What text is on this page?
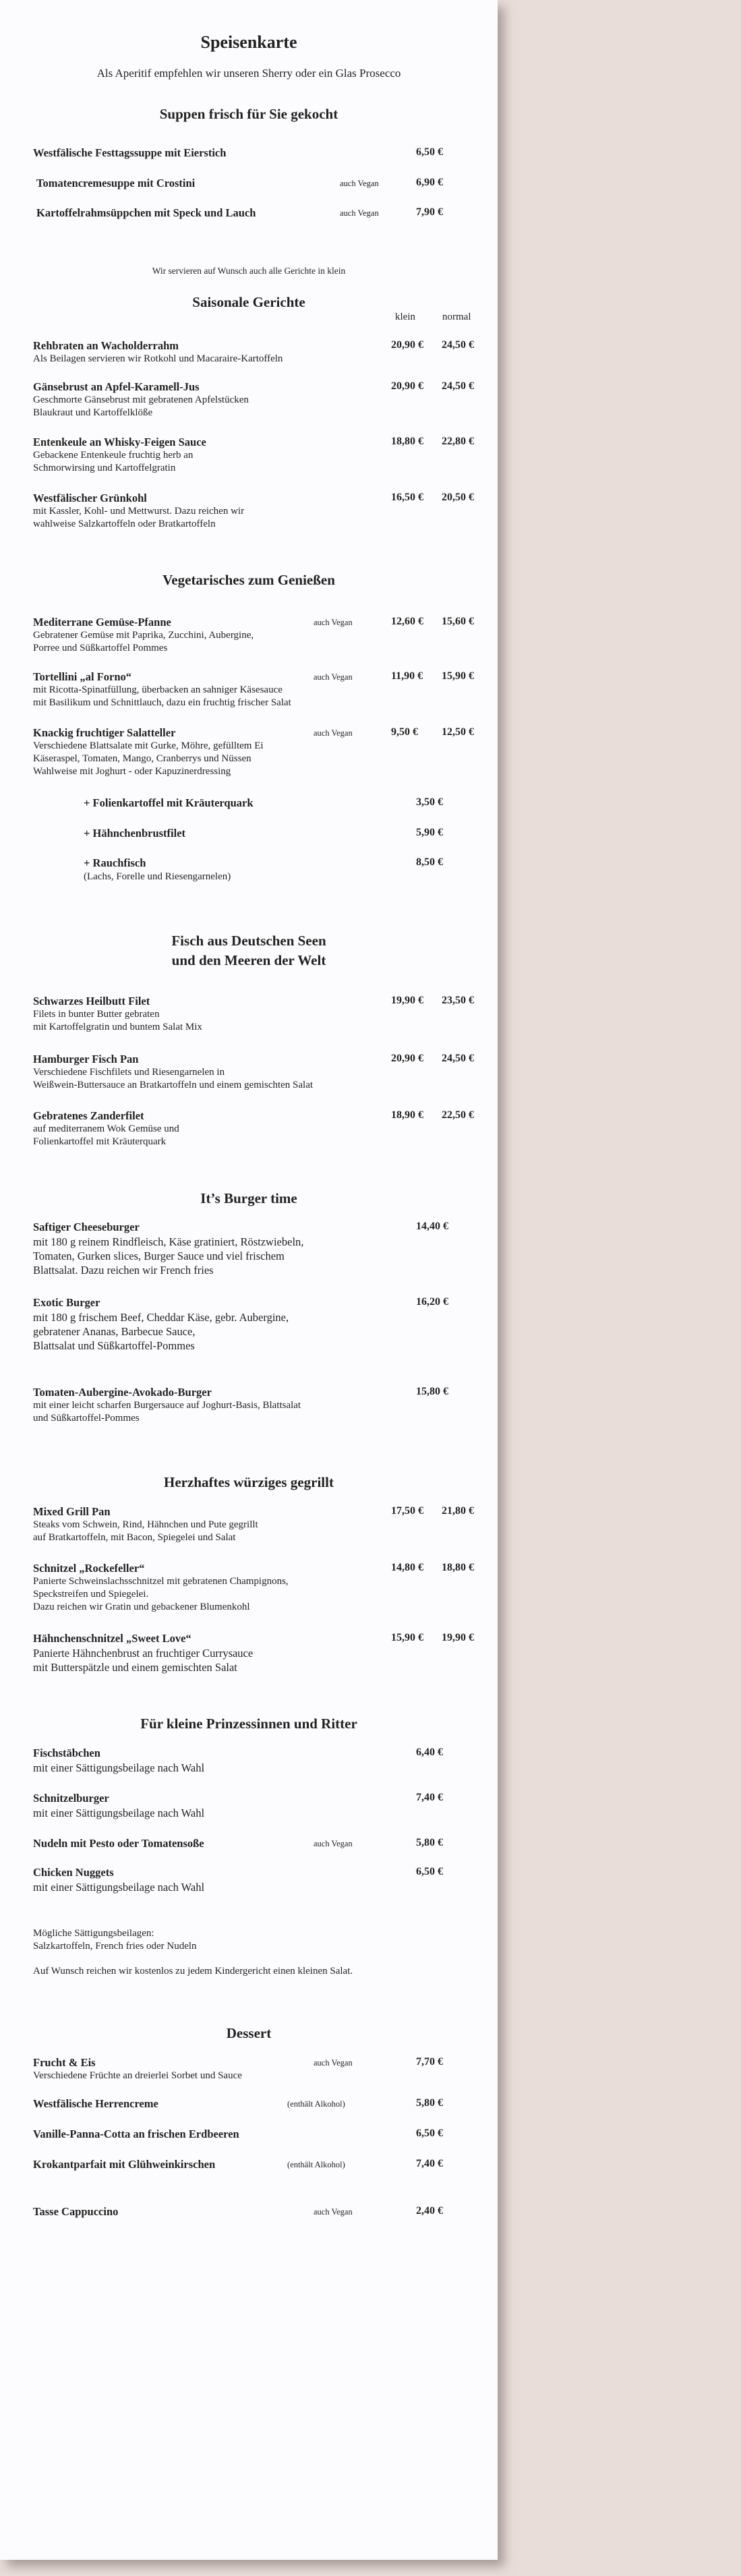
Speisenkarte
Als Aperitif empfehlen wir unseren Sherry oder ein Glas Prosecco
Suppen frisch für Sie gekocht
Westfälische Festtagssuppe mit Eierstich	6,50 €
Tomatencremesuppe mit Crostini	auch Vegan	6,90 €
Kartoffelrahmsüppchen mit Speck und Lauch	auch Vegan	7,90 €
Wir servieren auf Wunsch auch alle Gerichte in klein
Saisonale Gerichte
klein	normal
Rehbraten an Wacholderrahm	20,90 € 24,50 €
Als Beilagen servieren wir Rotkohl und Macaraire-Kartoffeln
Gänsebrust an Apfel-Karamell-Jus	20,90 € 24,50 €
Geschmorte Gänsebrust mit gebratenen Apfelstücken
Blaukraut und Kartoffelklöße
Entenkeule an Whisky-Feigen Sauce	18,80 € 22,80 €
Gebackene Entenkeule fruchtig herb an
Schmorwirsing und Kartoffelgratin
Westfälischer Grünkohl	16,50 € 20,50 €
mit Kassler, Kohl- und Mettwurst. Dazu reichen wir
wahlweise Salzkartoffeln oder Bratkartoffeln
Vegetarisches zum Genießen
Mediterrane Gemüse-Pfanne	auch Vegan	12,60 € 15,60 €
Gebratener Gemüse mit Paprika, Zucchini, Aubergine,
Porree und Süßkartoffel Pommes
Tortellini „al Forno“	auch Vegan	11,90 € 15,90 €
mit Ricotta-Spinatfüllung, überbacken an sahniger Käsesauce
mit Basilikum und Schnittlauch, dazu ein fruchtig frischer Salat
Knackig fruchtiger Salatteller	auch Vegan	9,50 € 12,50 €
Verschiedene Blattsalate mit Gurke, Möhre, gefülltem Ei
Käseraspel, Tomaten, Mango, Cranberrys und Nüssen
Wahlweise mit Joghurt - oder Kapuzinerdressing
+ Folienkartoffel mit Kräuterquark	3,50 €
+ Hähnchenbrustfilet	5,90 €
+ Rauchfisch	8,50 €
(Lachs, Forelle und Riesengarnelen)
Fisch aus Deutschen Seen
und den Meeren der Welt
Schwarzes Heilbutt Filet	19,90 € 23,50 €
Filets in bunter Butter gebraten
mit Kartoffelgratin und buntem Salat Mix
Hamburger Fisch Pan	20,90 € 24,50 €
Verschiedene Fischfilets und Riesengarnelen in
Weißwein-Buttersauce an Bratkartoffeln und einem gemischten Salat
Gebratenes Zanderfilet	18,90 € 22,50 €
auf mediterranem Wok Gemüse und
Folienkartoffel mit Kräuterquark
It’s Burger time
Saftiger Cheeseburger	14,40 €
mit 180 g reinem Rindfleisch, Käse gratiniert, Röstzwiebeln,
Tomaten, Gurken slices, Burger Sauce und viel frischem
Blattsalat. Dazu reichen wir French fries
Exotic Burger	16,20 €
mit 180 g frischem Beef, Cheddar Käse, gebr. Aubergine,
gebratener Ananas, Barbecue Sauce,
Blattsalat und Süßkartoffel-Pommes
Tomaten-Aubergine-Avokado-Burger	15,80 €
mit einer leicht scharfen Burgersauce auf Joghurt-Basis, Blattsalat
und Süßkartoffel-Pommes
Herzhaftes würziges gegrillt
Mixed Grill Pan	17,50 € 21,80 €
Steaks vom Schwein, Rind, Hähnchen und Pute gegrillt
auf Bratkartoffeln, mit Bacon, Spiegelei und Salat
Schnitzel „Rockefeller“	14,80 € 18,80 €
Panierte Schweinslachsschnitzel mit gebratenen Champignons,
Speckstreifen und Spiegelei.
Dazu reichen wir Gratin und gebackener Blumenkohl
Hähnchenschnitzel „Sweet Love“	15,90 € 19,90 €
Panierte Hähnchenbrust an fruchtiger Currysauce
mit Butterspätzle und einem gemischten Salat
Für kleine Prinzessinnen und Ritter
Fischstäbchen	6,40 €
mit einer Sättigungsbeilage nach Wahl
Schnitzelburger	7,40 €
mit einer Sättigungsbeilage nach Wahl
Nudeln mit Pesto oder Tomatensoße	auch Vegan	5,80 €
Chicken Nuggets	6,50 €
mit einer Sättigungsbeilage nach Wahl
Mögliche Sättigungsbeilagen:
Salzkartoffeln, French fries oder Nudeln
Auf Wunsch reichen wir kostenlos zu jedem Kindergericht einen kleinen Salat.
Dessert
Frucht & Eis	auch Vegan	7,70 €
Verschiedene Früchte an dreierlei Sorbet und Sauce
Westfälische Herrencreme	(enthält Alkohol)	5,80 €
Vanille-Panna-Cotta an frischen Erdbeeren	6,50 €
Krokantparfait mit Glühweinkirschen	(enthält Alkohol)	7,40 €
Tasse Cappuccino	auch Vegan	2,40 €
